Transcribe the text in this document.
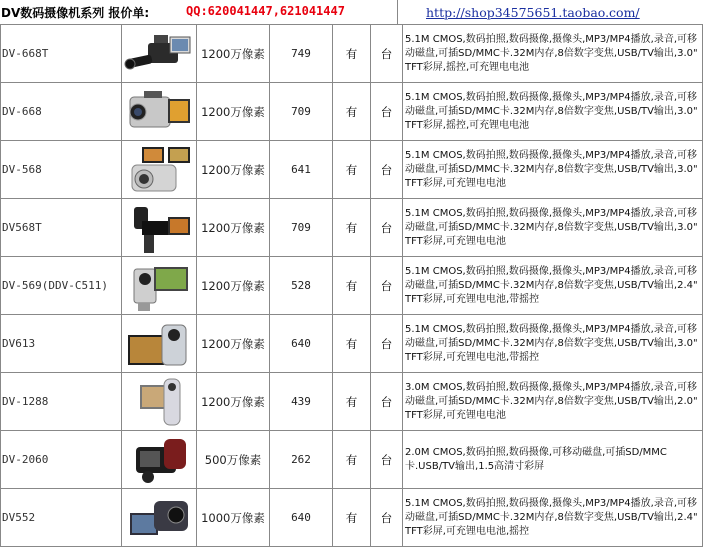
DV数码摄像机系列 报价单:	QQ:620041447,621041447	http://shop34575651.taobao.com/
DV-668T		1200万像素	749	有	台	5.1M CMOS,数码拍照,数码摄像,摄像头,MP3/MP4播放,录音,可移动磁盘,可插SD/MMC卡.32M内存,8倍数字变焦,USB/TV输出,3.0" TFT彩屏,摇控,可充锂电电池
DV-668		1200万像素	709	有	台	5.1M CMOS,数码拍照,数码摄像,摄像头,MP3/MP4播放,录音,可移动磁盘,可插SD/MMC卡.32M内存,8倍数字变焦,USB/TV输出,3.0" TFT彩屏,摇控,可充锂电电池
DV-568		1200万像素	641	有	台	5.1M CMOS,数码拍照,数码摄像,摄像头,MP3/MP4播放,录音,可移动磁盘,可插SD/MMC卡.32M内存,8倍数字变焦,USB/TV输出,3.0" TFT彩屏,可充锂电电池
DV568T		1200万像素	709	有	台	5.1M CMOS,数码拍照,数码摄像,摄像头,MP3/MP4播放,录音,可移动磁盘,可插SD/MMC卡.32M内存,8倍数字变焦,USB/TV输出,3.0" TFT彩屏,可充锂电电池
DV-569(DDV-C511)		1200万像素	528	有	台	5.1M CMOS,数码拍照,数码摄像,摄像头,MP3/MP4播放,录音,可移动磁盘,可插SD/MMC卡.32M内存,8倍数字变焦,USB/TV输出,2.4" TFT彩屏,可充锂电电池,带摇控
DV613		1200万像素	640	有	台	5.1M CMOS,数码拍照,数码摄像,摄像头,MP3/MP4播放,录音,可移动磁盘,可插SD/MMC卡.32M内存,8倍数字变焦,USB/TV输出,3.0" TFT彩屏,可充锂电电池,带摇控
DV-1288		1200万像素	439	有	台	3.0M CMOS,数码拍照,数码摄像,摄像头,MP3/MP4播放,录音,可移动磁盘,可插SD/MMC卡.32M内存,8倍数字变焦,USB/TV输出,2.0" TFT彩屏,可充锂电电池
DV-2060		500万像素	262	有	台	2.0M CMOS,数码拍照,数码摄像,可移动磁盘,可插SD/MMC卡.USB/TV输出,1.5高清寸彩屏
DV552		1000万像素	640	有	台	5.1M CMOS,数码拍照,数码摄像,摄像头,MP3/MP4播放,录音,可移动磁盘,可插SD/MMC卡.32M内存,8倍数字变焦,USB/TV输出,2.4" TFT彩屏,可充锂电电池,摇控
